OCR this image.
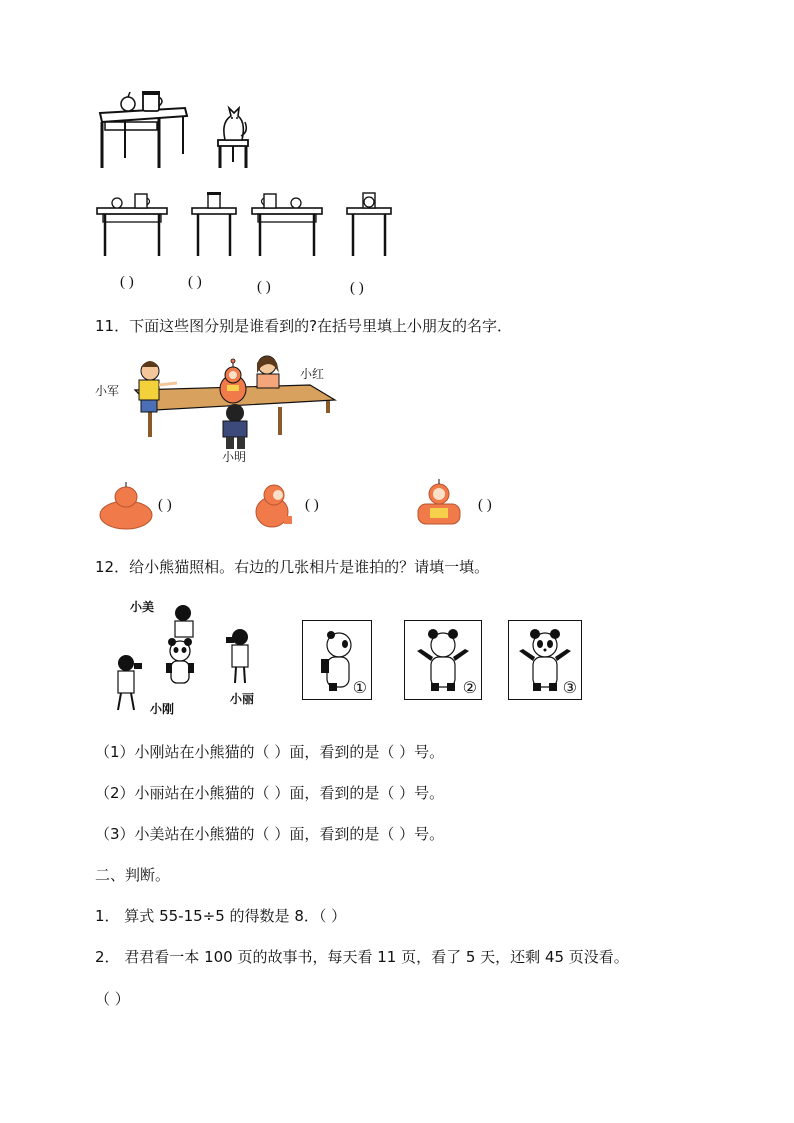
( )	( )	( )	( )
11．下面这些图分别是谁看到的?在括号里填上小朋友的名字．
小军
小红
小明
( )	( )	( )
12．给小熊猫照相。右边的几张相片是谁拍的？请填一填。
小美
小刚
小丽
①	②	③
（1）小刚站在小熊猫的（ ）面，看到的是（ ）号。
（2）小丽站在小熊猫的（ ）面，看到的是（ ）号。
（3）小美站在小熊猫的（ ）面，看到的是（ ）号。
二、判断。
1． 算式 55-15÷5 的得数是 8．（ ）
2． 君君看一本 100 页的故事书，每天看 11 页，看了 5 天，还剩 45 页没看。
（ ）
